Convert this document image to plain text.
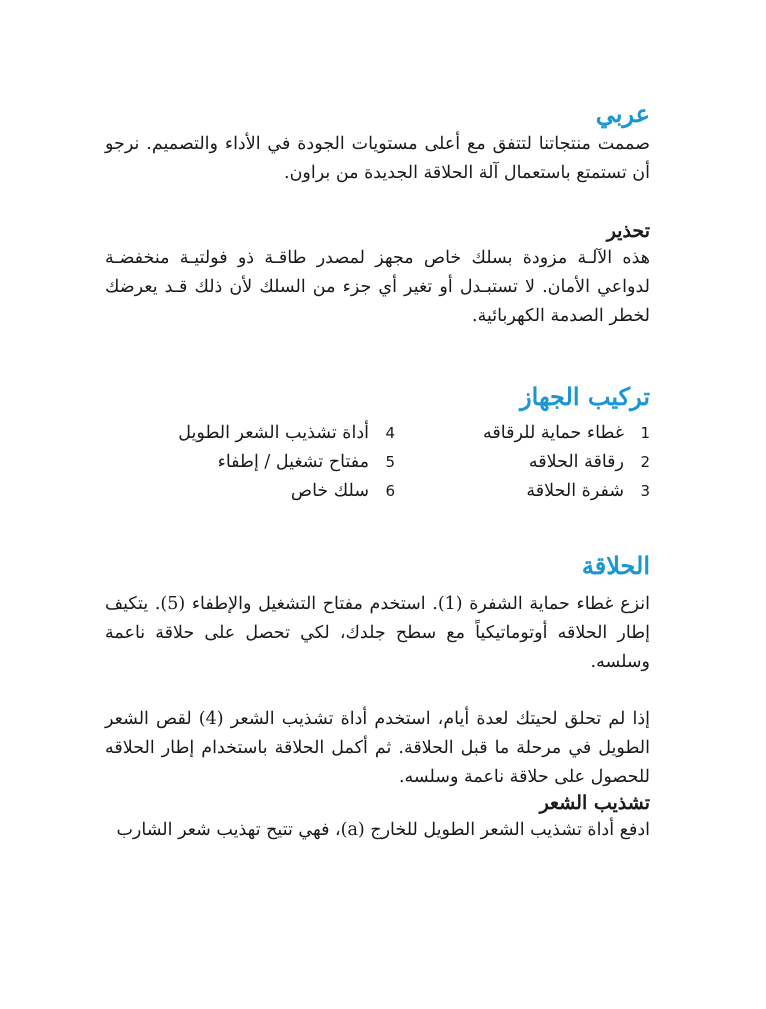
عربي

صممت منتجاتنا لتتفق مع أعلى مستويات الجودة في الأداء والتصميم. نرجو أن تستمتع باستعمال آلة الحلاقة الجديدة من براون.

تحذير

هذه الآلـة مزودة بسلك خاص مجهز لمصدر طاقـة ذو فولتيـة منخفضـة لدواعي الأمان. لا تستبـدل أو تغير أي جزء من السلك لأن ذلك قـد يعرضك لخطر الصدمة الكهربائية.

تركيب الجهاز
1
غطاء حماية للرقاقه
2
رقاقة الحلاقه
3
شفرة الحلاقة
4
أداة تشذيب الشعر الطويل
5
مفتاح تشغيل / إطفاء
6
سلك خاص
الحلاقة

انزع غطاء حماية الشفرة (1). استخدم مفتاح التشغيل والإطفاء (5). يتكيف إطار الحلاقه أوتوماتيكياً مع سطح جلدك، لكي تحصل على حلاقة ناعمة وسلسه.

إذا لم تحلق لحيتك لعدة أيام، استخدم أداة تشذيب الشعر (4) لقص الشعر الطويل في مرحلة ما قبل الحلاقة. ثم أكمل الحلاقة باستخدام إطار الحلاقه للحصول على حلاقة ناعمة وسلسه.

تشذيب الشعر

ادفع أداة تشذيب الشعر الطويل للخارج (a)، فهي تتيح تهذيب شعر الشارب
